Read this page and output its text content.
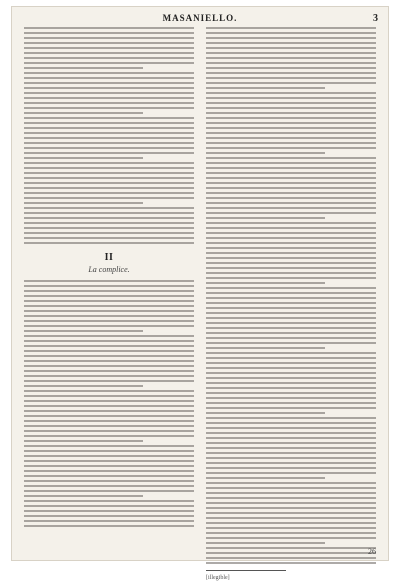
MASANIELLO.	3
II
La complice.
[illegible]
26
